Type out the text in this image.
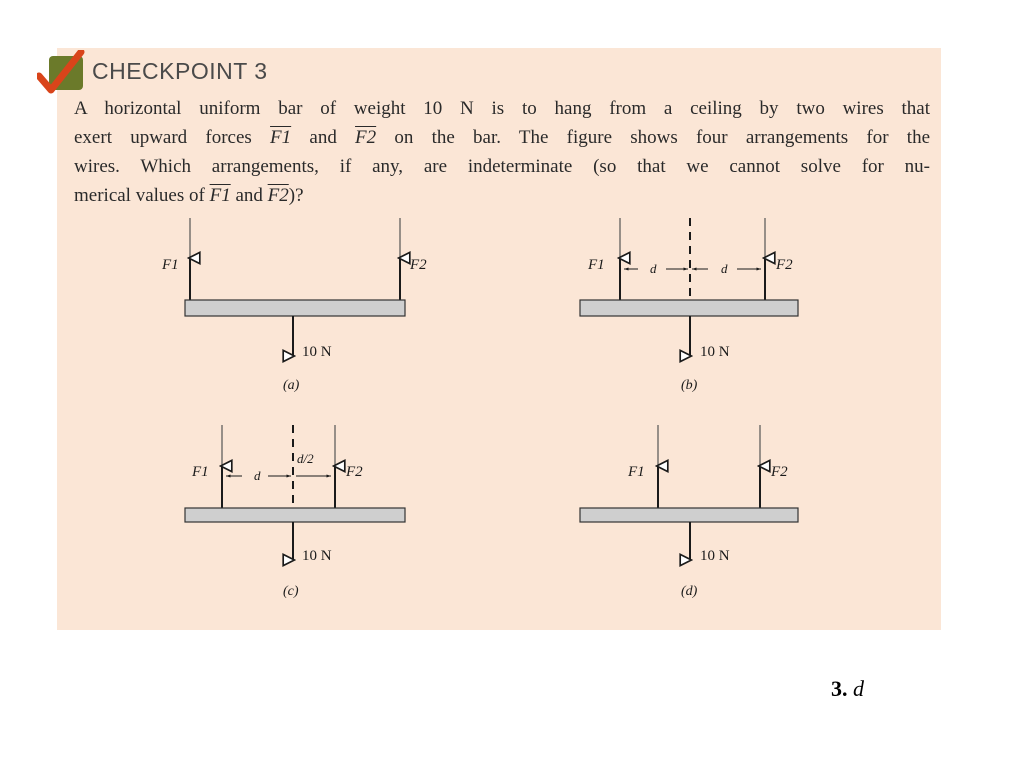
CHECKPOINT 3
A horizontal uniform bar of weight 10 N is to hang from a ceiling by two wires that
exert upward forces F1 and F2 on the bar. The figure shows four arrangements for the
wires. Which arrangements, if any, are indeterminate (so that we cannot solve for nu-
merical values of F1 and F2)?
F1	F2
10 N
(a)
F1	F2
d	d
10 N
(b)
F1	F2
d
d/2
10 N
(c)
F1	F2
10 N
(d)
3. d
